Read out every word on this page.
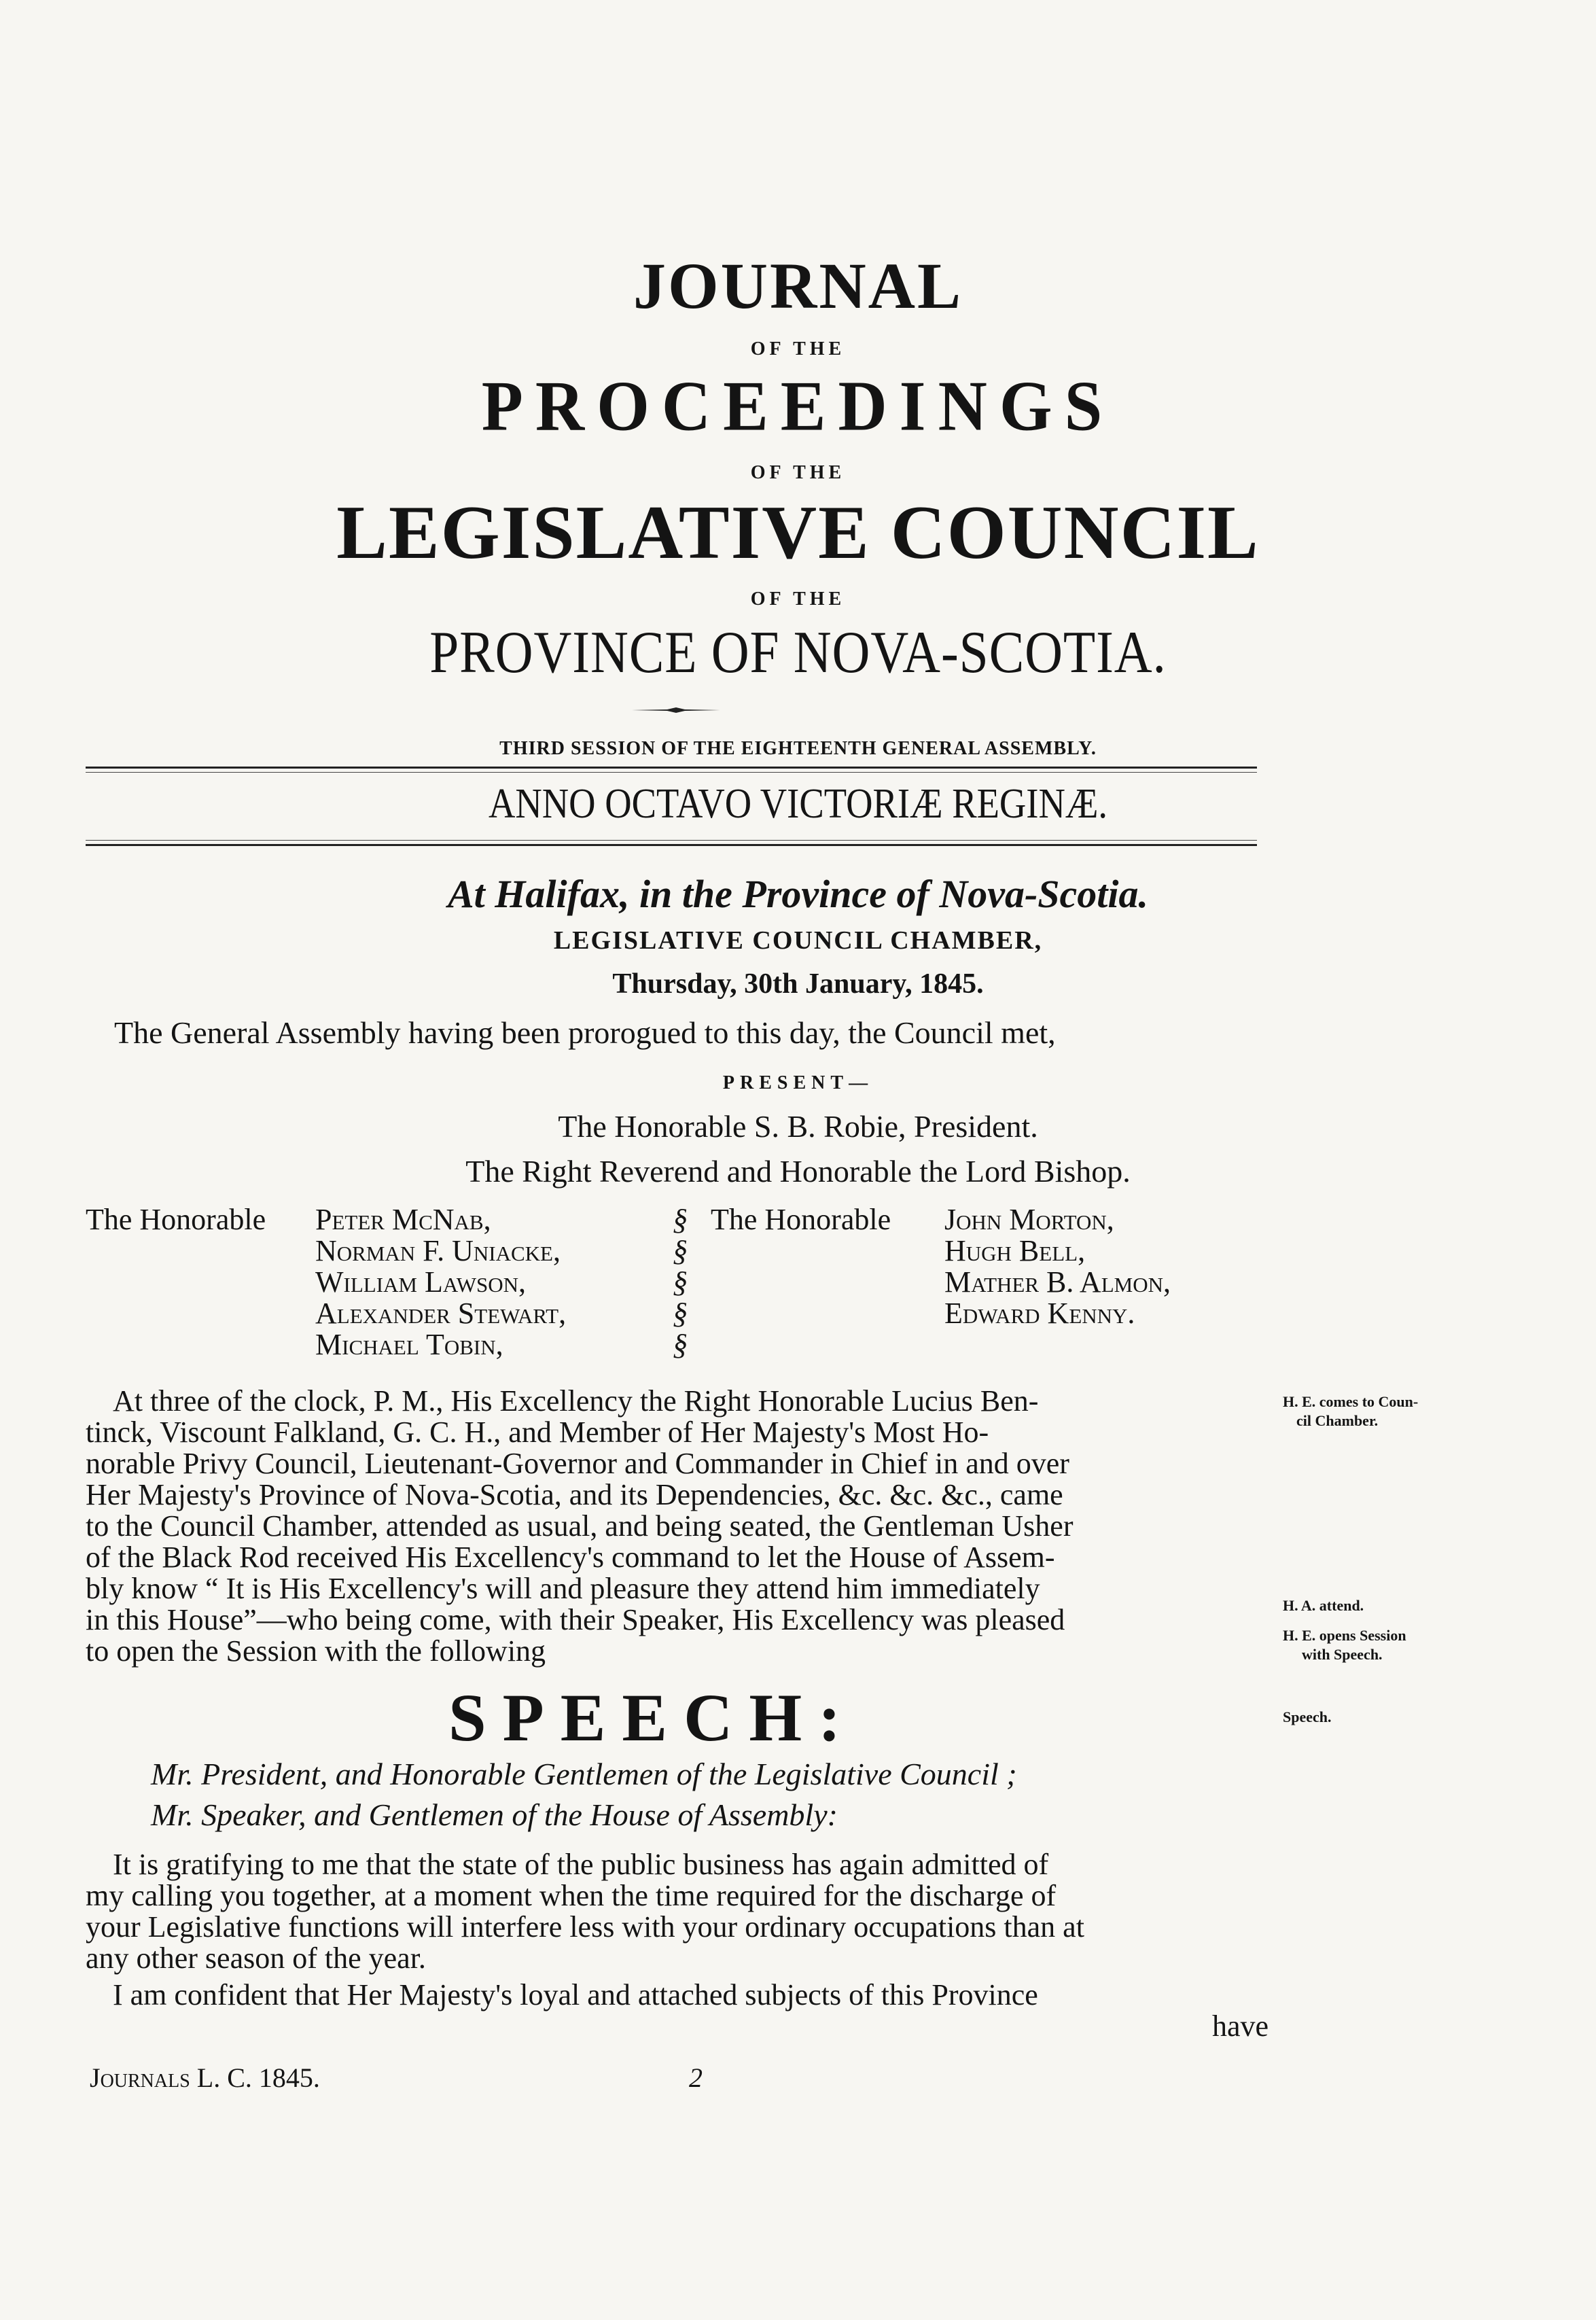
JOURNAL
OF THE
PROCEEDINGS
OF THE
LEGISLATIVE COUNCIL
OF THE
PROVINCE OF NOVA-SCOTIA.
THIRD SESSION OF THE EIGHTEENTH GENERAL ASSEMBLY.
ANNO OCTAVO VICTORIÆ REGINÆ.
At Halifax, in the Province of Nova-Scotia.
LEGISLATIVE COUNCIL CHAMBER,
Thursday, 30th January, 1845.
The General Assembly having been prorogued to this day, the Council met,
PRESENT—
The Honorable S. B. Robie, President.
The Right Reverend and Honorable the Lord Bishop.
The Honorable Peter McNab,
Norman F. Uniacke,
William Lawson,
Alexander Stewart,
Michael Tobin,
§
§
§
§
§
The Honorable John Morton,
Hugh Bell,
Mather B. Almon,
Edward Kenny.
At three of the clock, P. M., His Excellency the Right Honorable Lucius Ben-
tinck, Viscount Falkland, G. C. H., and Member of Her Majesty's Most Ho-
norable Privy Council, Lieutenant-Governor and Commander in Chief in and over
Her Majesty's Province of Nova-Scotia, and its Dependencies, &c. &c. &c., came
to the Council Chamber, attended as usual, and being seated, the Gentleman Usher
of the Black Rod received His Excellency's command to let the House of Assem-
bly know “ It is His Excellency's will and pleasure they attend him immediately
in this House”—who being come, with their Speaker, His Excellency was pleased
to open the Session with the following
H. E. comes to Coun-
cil Chamber.
H. A. attend.
H. E. opens Session
with Speech.
Speech.
SPEECH:
Mr. President, and Honorable Gentlemen of the Legislative Council ;
Mr. Speaker, and Gentlemen of the House of Assembly:
It is gratifying to me that the state of the public business has again admitted of
my calling you together, at a moment when the time required for the discharge of
your Legislative functions will interfere less with your ordinary occupations than at
any other season of the year.
I am confident that Her Majesty's loyal and attached subjects of this Province
have
Journals L. C. 1845.	2
